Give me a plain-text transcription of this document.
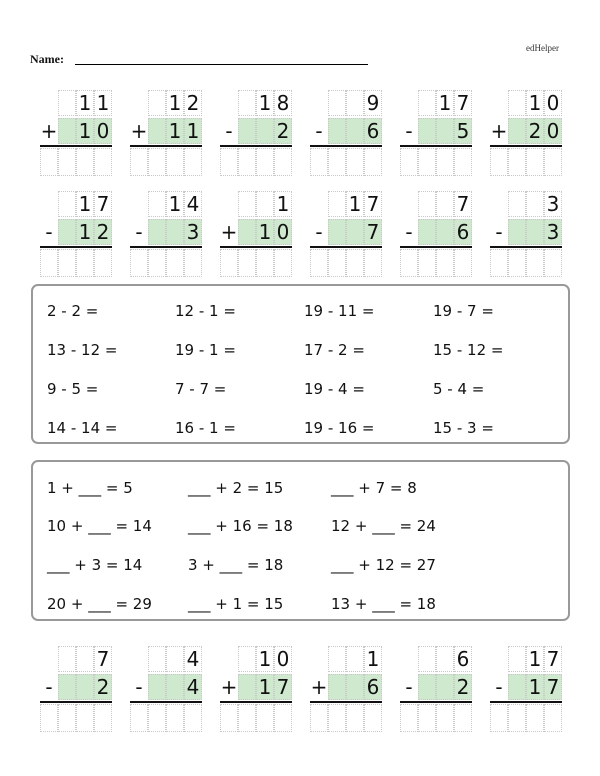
edHelper
Name:
1 1
+ 1 0
1 2
+ 1 1
1 8
- 2
9
- 6
1 7
- 5
1 0
+ 2 0
1 7
- 1 2
1 4
- 3
1
+ 1 0
1 7
- 7
7
- 6
3
- 3
2 - 2 =	12 - 1 =	19 - 11 =	19 - 7 =
13 - 12 =	19 - 1 =	17 - 2 =	15 - 12 =
9 - 5 =	7 - 7 =	19 - 4 =	5 - 4 =
14 - 14 =	16 - 1 =	19 - 16 =	15 - 3 =
1 + ___ = 5	___ + 2 = 15	___ + 7 = 8
10 + ___ = 14 ___ + 16 = 18	12 + ___ = 24
___ + 3 = 14	3 + ___ = 18	___ + 12 = 27
20 + ___ = 29 ___ + 1 = 15	13 + ___ = 18
7
- 2
4
- 4
1 0
+ 1 7
1
+ 6
6
- 2
1 7
- 1 7
